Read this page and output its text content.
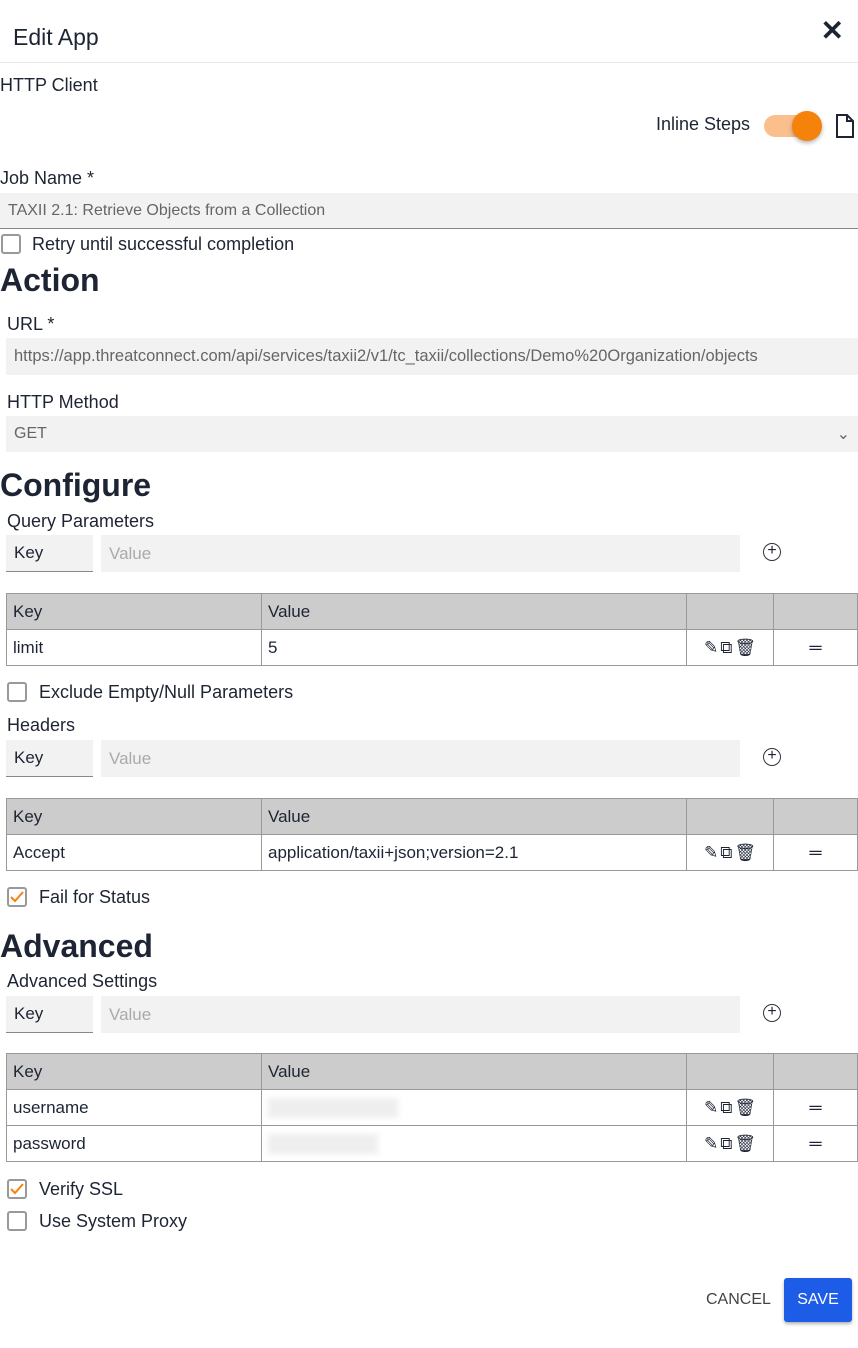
Edit App	✕
HTTP Client
Inline Steps
Job Name *
TAXII 2.1: Retrieve Objects from a Collection
Retry until successful completion
Action
URL *
https://app.threatconnect.com/api/services/taxii2/v1/tc_taxii/collections/Demo%20Organization/objects
HTTP Method
GET	⌄
Configure
Query Parameters
Key	Value	+
Key	Value		
limit	5	✎ ⧉ 🗑	═
Exclude Empty/Null Parameters
Headers
Key	Value	+
Key	Value		
Accept	application/taxii+json;version=2.1	✎ ⧉ 🗑	═
Fail for Status
Advanced
Advanced Settings
Key	Value	+
Key	Value		
username		✎ ⧉ 🗑	═
password		✎ ⧉ 🗑	═
Verify SSL
Use System Proxy
CANCEL	SAVE
